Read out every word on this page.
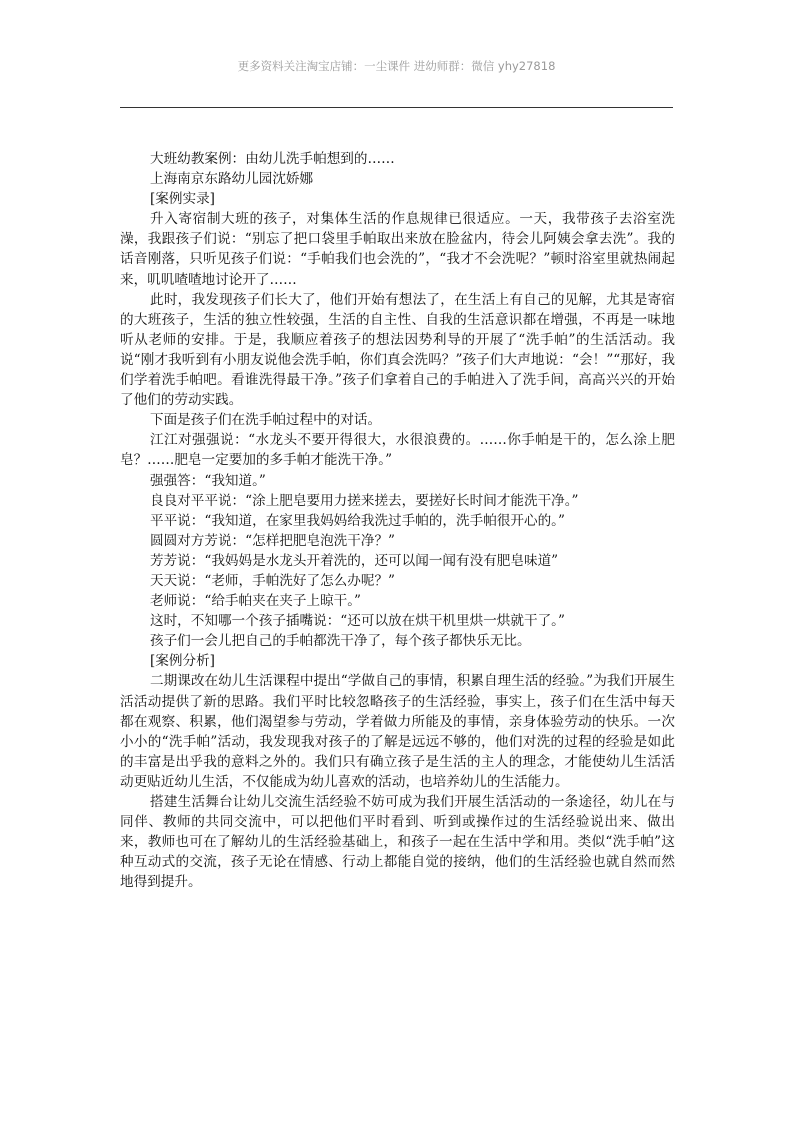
更多资料关注淘宝店铺：一尘课件 进幼师群：微信 yhy27818

大班幼教案例：由幼儿洗手帕想到的……

上海南京东路幼儿园沈娇娜

[案例实录]

升入寄宿制大班的孩子，对集体生活的作息规律已很适应。一天，我带孩子去浴室洗澡，我跟孩子们说：“别忘了把口袋里手帕取出来放在脸盆内，待会儿阿姨会拿去洗”。我的话音刚落，只听见孩子们说：“手帕我们也会洗的”，“我才不会洗呢？”顿时浴室里就热闹起来，叽叽喳喳地讨论开了……

此时，我发现孩子们长大了，他们开始有想法了，在生活上有自己的见解，尤其是寄宿的大班孩子，生活的独立性较强，生活的自主性、自我的生活意识都在增强，不再是一味地听从老师的安排。于是，我顺应着孩子的想法因势利导的开展了“洗手帕”的生活活动。我说“刚才我听到有小朋友说他会洗手帕，你们真会洗吗？”孩子们大声地说：“会！”“那好，我们学着洗手帕吧。看谁洗得最干净。”孩子们拿着自己的手帕进入了洗手间，高高兴兴的开始了他们的劳动实践。

下面是孩子们在洗手帕过程中的对话。

江江对强强说：“水龙头不要开得很大，水很浪费的。……你手帕是干的，怎么涂上肥皂？……肥皂一定要加的多手帕才能洗干净。”

强强答：“我知道。”

良良对平平说：“涂上肥皂要用力搓来搓去，要搓好长时间才能洗干净。”

平平说：“我知道，在家里我妈妈给我洗过手帕的，洗手帕很开心的。”

圆圆对方芳说：“怎样把肥皂泡洗干净？”

芳芳说：“我妈妈是水龙头开着洗的，还可以闻一闻有没有肥皂味道”

天天说：“老师，手帕洗好了怎么办呢？”

老师说：“给手帕夹在夹子上晾干。”

这时，不知哪一个孩子插嘴说：“还可以放在烘干机里烘一烘就干了。”

孩子们一会儿把自己的手帕都洗干净了，每个孩子都快乐无比。

[案例分析]

二期课改在幼儿生活课程中提出“学做自己的事情，积累自理生活的经验。”为我们开展生活活动提供了新的思路。我们平时比较忽略孩子的生活经验，事实上，孩子们在生活中每天都在观察、积累，他们渴望参与劳动，学着做力所能及的事情，亲身体验劳动的快乐。一次小小的“洗手帕”活动，我发现我对孩子的了解是远远不够的，他们对洗的过程的经验是如此的丰富是出乎我的意料之外的。我们只有确立孩子是生活的主人的理念，才能使幼儿生活活动更贴近幼儿生活，不仅能成为幼儿喜欢的活动，也培养幼儿的生活能力。

搭建生活舞台让幼儿交流生活经验不妨可成为我们开展生活活动的一条途径，幼儿在与同伴、教师的共同交流中，可以把他们平时看到、听到或操作过的生活经验说出来、做出来，教师也可在了解幼儿的生活经验基础上，和孩子一起在生活中学和用。类似“洗手帕”这种互动式的交流，孩子无论在情感、行动上都能自觉的接纳，他们的生活经验也就自然而然地得到提升。
